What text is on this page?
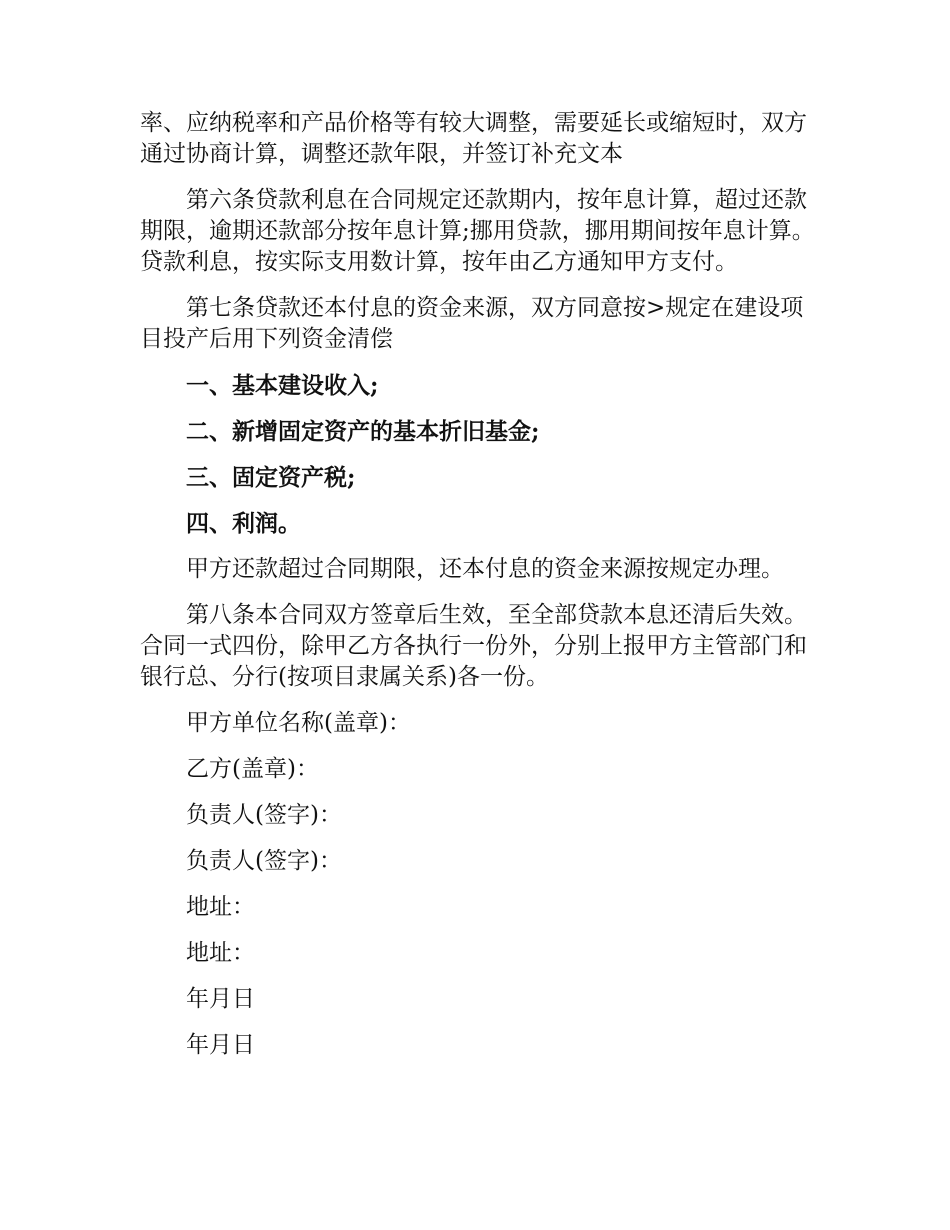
率、应纳税率和产品价格等有较大调整，需要延长或缩短时，双方通过协商计算，调整还款年限，并签订补充文本

第六条贷款利息在合同规定还款期内，按年息计算，超过还款期限，逾期还款部分按年息计算;挪用贷款，挪用期间按年息计算。贷款利息，按实际支用数计算，按年由乙方通知甲方支付。

第七条贷款还本付息的资金来源，双方同意按>规定在建设项目投产后用下列资金清偿

一、基本建设收入;

二、新增固定资产的基本折旧基金;

三、固定资产税;

四、利润。

甲方还款超过合同期限，还本付息的资金来源按规定办理。

第八条本合同双方签章后生效，至全部贷款本息还清后失效。合同一式四份，除甲乙方各执行一份外，分别上报甲方主管部门和银行总、分行(按项目隶属关系)各一份。

甲方单位名称(盖章)：

乙方(盖章)：

负责人(签字)：

负责人(签字)：

地址：

地址：

年月日

年月日
